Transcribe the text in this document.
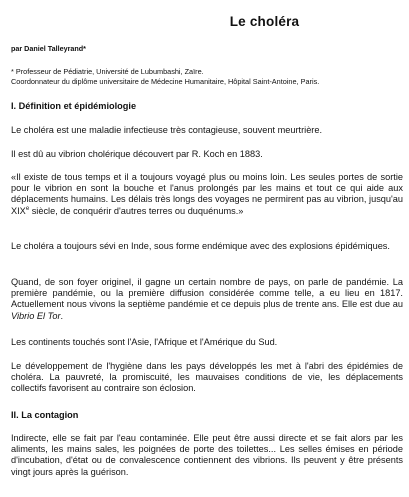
Le choléra
par Daniel Talleyrand*
* Professeur de Pédiatrie, Université de Lubumbashi, Zaïre.
Coordonnateur du diplôme universitaire de Médecine Humanitaire, Hôpital Saint-Antoine, Paris.
I. Définition et épidémiologie
Le choléra est une maladie infectieuse très contagieuse, souvent meurtrière.
Il est dû au vibrion cholérique découvert par R. Koch en 1883.
«Il existe de tous temps et il a toujours voyagé plus ou moins loin. Les seules portes de sortie pour le vibrion en sont la bouche et l'anus prolongés par les mains et tout ce qui aide aux déplacements humains. Les délais très longs des voyages ne permirent pas au vibrion, jusqu'au XIXe siècle, de conquérir d'autres terres ou duquénums.»
Le choléra a toujours sévi en Inde, sous forme endémique avec des explosions épidémiques.
Quand, de son foyer originel, il gagne un certain nombre de pays, on parle de pandémie. La première pandémie, ou la première diffusion considérée comme telle, a eu lieu en 1817. Actuellement nous vivons la septième pandémie et ce depuis plus de trente ans. Elle est due au Vibrio El Tor.
Les continents touchés sont l'Asie, l'Afrique et l'Amérique du Sud.
Le développement de l'hygiène dans les pays développés les met à l'abri des épidémies de choléra. La pauvreté, la promiscuité, les mauvaises conditions de vie, les déplacements collectifs favorisent au contraire son éclosion.
II. La contagion
Indirecte, elle se fait par l'eau contaminée. Elle peut être aussi directe et se fait alors par les aliments, les mains sales, les poignées de porte des toilettes... Les selles émises en période d'incubation, d'état ou de convalescence contiennent des vibrions. Ils peuvent y être présents vingt jours après la guérison.
